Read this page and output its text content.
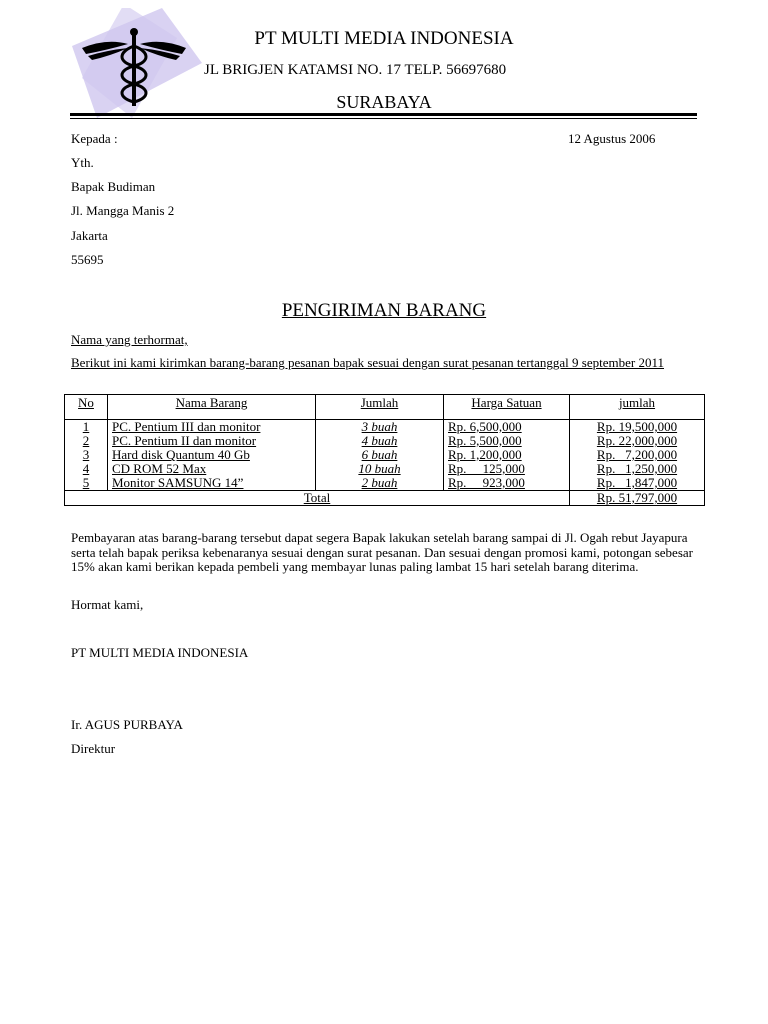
PT MULTI MEDIA INDONESIA
JL BRIGJEN KATAMSI NO. 17 TELP. 56697680
SURABAYA
Kepada :	12 Agustus 2006
Yth.
Bapak Budiman
Jl. Mangga Manis 2
Jakarta
55695
PENGIRIMAN BARANG
Nama yang terhormat,
Berikut ini kami kirimkan barang-barang pesanan bapak sesuai dengan surat pesanan tertanggal 9 september 2011
No	Nama Barang	Jumlah	Harga Satuan	jumlah
1	PC. Pentium III dan monitor	3 buah	Rp. 6,500,000	Rp. 19,500,000
2	PC. Pentium II dan monitor	4 buah	Rp. 5,500,000	Rp. 22,000,000
3	Hard disk Quantum 40 Gb	6 buah	Rp. 1,200,000	Rp.   7,200,000
4	CD ROM 52 Max	10 buah	Rp.     125,000	Rp.   1,250,000
5	Monitor SAMSUNG 14”	2 buah	Rp.     923,000	Rp.   1,847,000
Total				Rp. 51,797,000
Pembayaran atas barang-barang tersebut dapat segera Bapak lakukan setelah barang sampai di Jl. Ogah rebut Jayapura serta telah bapak periksa kebenaranya sesuai dengan surat pesanan. Dan sesuai dengan promosi kami, potongan sebesar 15% akan kami berikan kepada pembeli yang membayar lunas paling lambat 15 hari setelah barang diterima.
Hormat kami,
PT MULTI MEDIA INDONESIA
Ir. AGUS PURBAYA
Direktur
